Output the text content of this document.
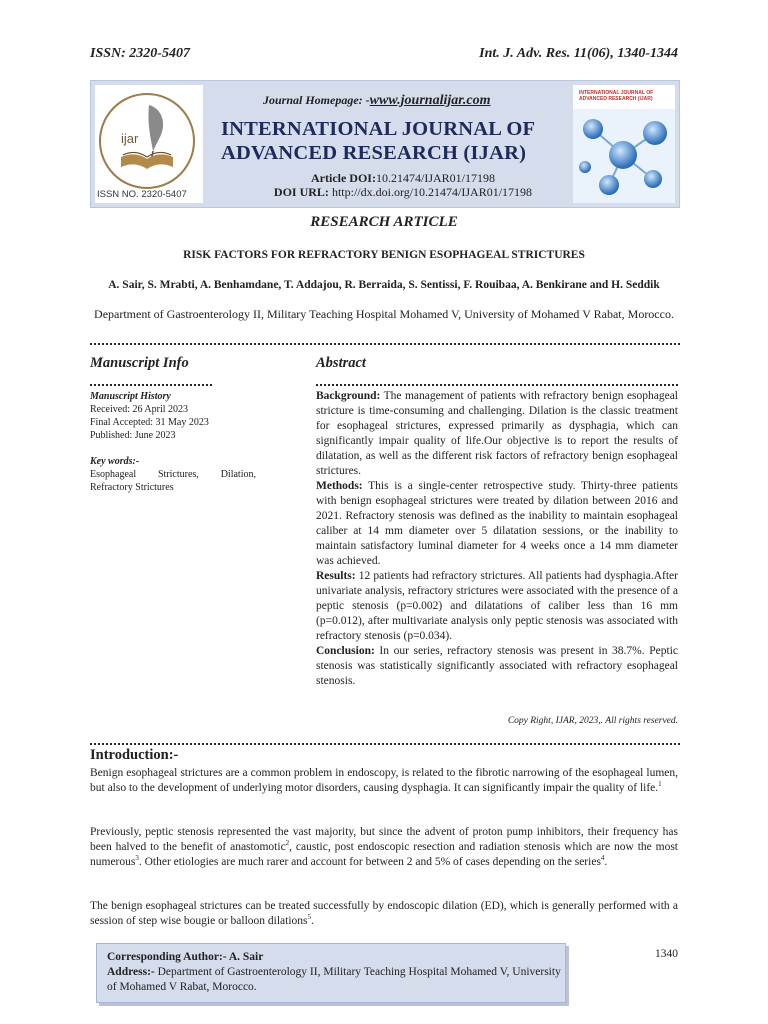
ISSN: 2320-5407	Int. J. Adv. Res. 11(06), 1340-1344
ijar
ISSN NO. 2320-5407
Journal Homepage: -www.journalijar.com
INTERNATIONAL JOURNAL OF
ADVANCED RESEARCH (IJAR)
Article DOI:10.21474/IJAR01/17198
DOI URL: http://dx.doi.org/10.21474/IJAR01/17198
INTERNATIONAL JOURNAL OF ADVANCED RESEARCH (IJAR)
RESEARCH ARTICLE
RISK FACTORS FOR REFRACTORY BENIGN ESOPHAGEAL STRICTURES
A. Sair, S. Mrabti, A. Benhamdane, T. Addajou, R. Berraida, S. Sentissi, F. Rouibaa, A. Benkirane and H. Seddik
Department of Gastroenterology II, Military Teaching Hospital Mohamed V, University of Mohamed V Rabat, Morocco.
Manuscript Info	Abstract
Manuscript History
Received: 26 April 2023
Final Accepted: 31 May 2023
Published: June 2023
Key words:-
Esophageal Strictures, Dilation,
Refractory Strictures

Background: The management of patients with refractory benign esophageal stricture is time-consuming and challenging. Dilation is the classic treatment for esophageal strictures, expressed primarily as dysphagia, which can significantly impair quality of life.Our objective is to report the results of dilatation, as well as the different risk factors of refractory benign esophageal strictures.

Methods: This is a single-center retrospective study. Thirty-three patients with benign esophageal strictures were treated by dilation between 2016 and 2021. Refractory stenosis was defined as the inability to maintain esophageal caliber at 14 mm diameter over 5 dilatation sessions, or the inability to maintain satisfactory luminal diameter for 4 weeks once a 14 mm diameter was achieved.

Results: 12 patients had refractory strictures. All patients had dysphagia.After univariate analysis, refractory strictures were associated with the presence of a peptic stenosis (p=0.002) and dilatations of caliber less than 16 mm (p=0.012), after multivariate analysis only peptic stenosis was associated with refractory stenosis (p=0.034).

Conclusion: In our series, refractory stenosis was present in 38.7%. Peptic stenosis was statistically significantly associated with refractory esophageal stenosis.

Copy Right, IJAR, 2023,. All rights reserved.
Introduction:-

Benign esophageal strictures are a common problem in endoscopy, is related to the fibrotic narrowing of the esophageal lumen, but also to the development of underlying motor disorders, causing dysphagia. It can significantly impair the quality of life.$^1$

Previously, peptic stenosis represented the vast majority, but since the advent of proton pump inhibitors, their frequency has been halved to the benefit of anastomotic$^2$, caustic, post endoscopic resection and radiation stenosis which are now the most numerous$^3$. Other etiologies are much rarer and account for between 2 and 5% of cases depending on the series$^4$.

The benign esophageal strictures can be treated successfully by endoscopic dilation (ED), which is generally performed with a session of step wise bougie or balloon dilations$^5$.

Corresponding Author:- A. Sair
Address:- Department of Gastroenterology II, Military Teaching Hospital Mohamed V, University of Mohamed V Rabat, Morocco.
1340
